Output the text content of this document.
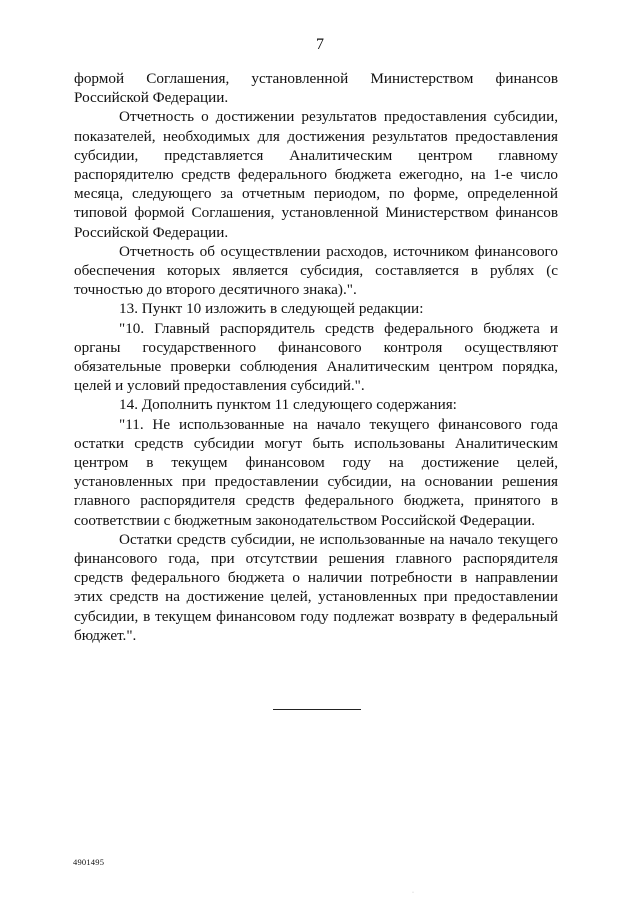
7

формой Соглашения, установленной Министерством финансов Российской Федерации.

Отчетность о достижении результатов предоставления субсидии, показателей, необходимых для достижения результатов предоставления субсидии, представляется Аналитическим центром главному распорядителю средств федерального бюджета ежегодно, на 1-е число месяца, следующего за отчетным периодом, по форме, определенной типовой формой Соглашения, установленной Министерством финансов Российской Федерации.

Отчетность об осуществлении расходов, источником финансового обеспечения которых является субсидия, составляется в рублях (с точностью до второго десятичного знака).".

13. Пункт 10 изложить в следующей редакции:

"10. Главный распорядитель средств федерального бюджета и органы государственного финансового контроля осуществляют обязательные проверки соблюдения Аналитическим центром порядка, целей и условий предоставления субсидий.".

14. Дополнить пунктом 11 следующего содержания:

"11. Не использованные на начало текущего финансового года остатки средств субсидии могут быть использованы Аналитическим центром в текущем финансовом году на достижение целей, установленных при предоставлении субсидии, на основании решения главного распорядителя средств федерального бюджета, принятого в соответствии с бюджетным законодательством Российской Федерации.

Остатки средств субсидии, не использованные на начало текущего финансового года, при отсутствии решения главного распорядителя средств федерального бюджета о наличии потребности в направлении этих средств на достижение целей, установленных при предоставлении субсидии, в текущем финансовом году подлежат возврату в федеральный бюджет.".

4901495
·
